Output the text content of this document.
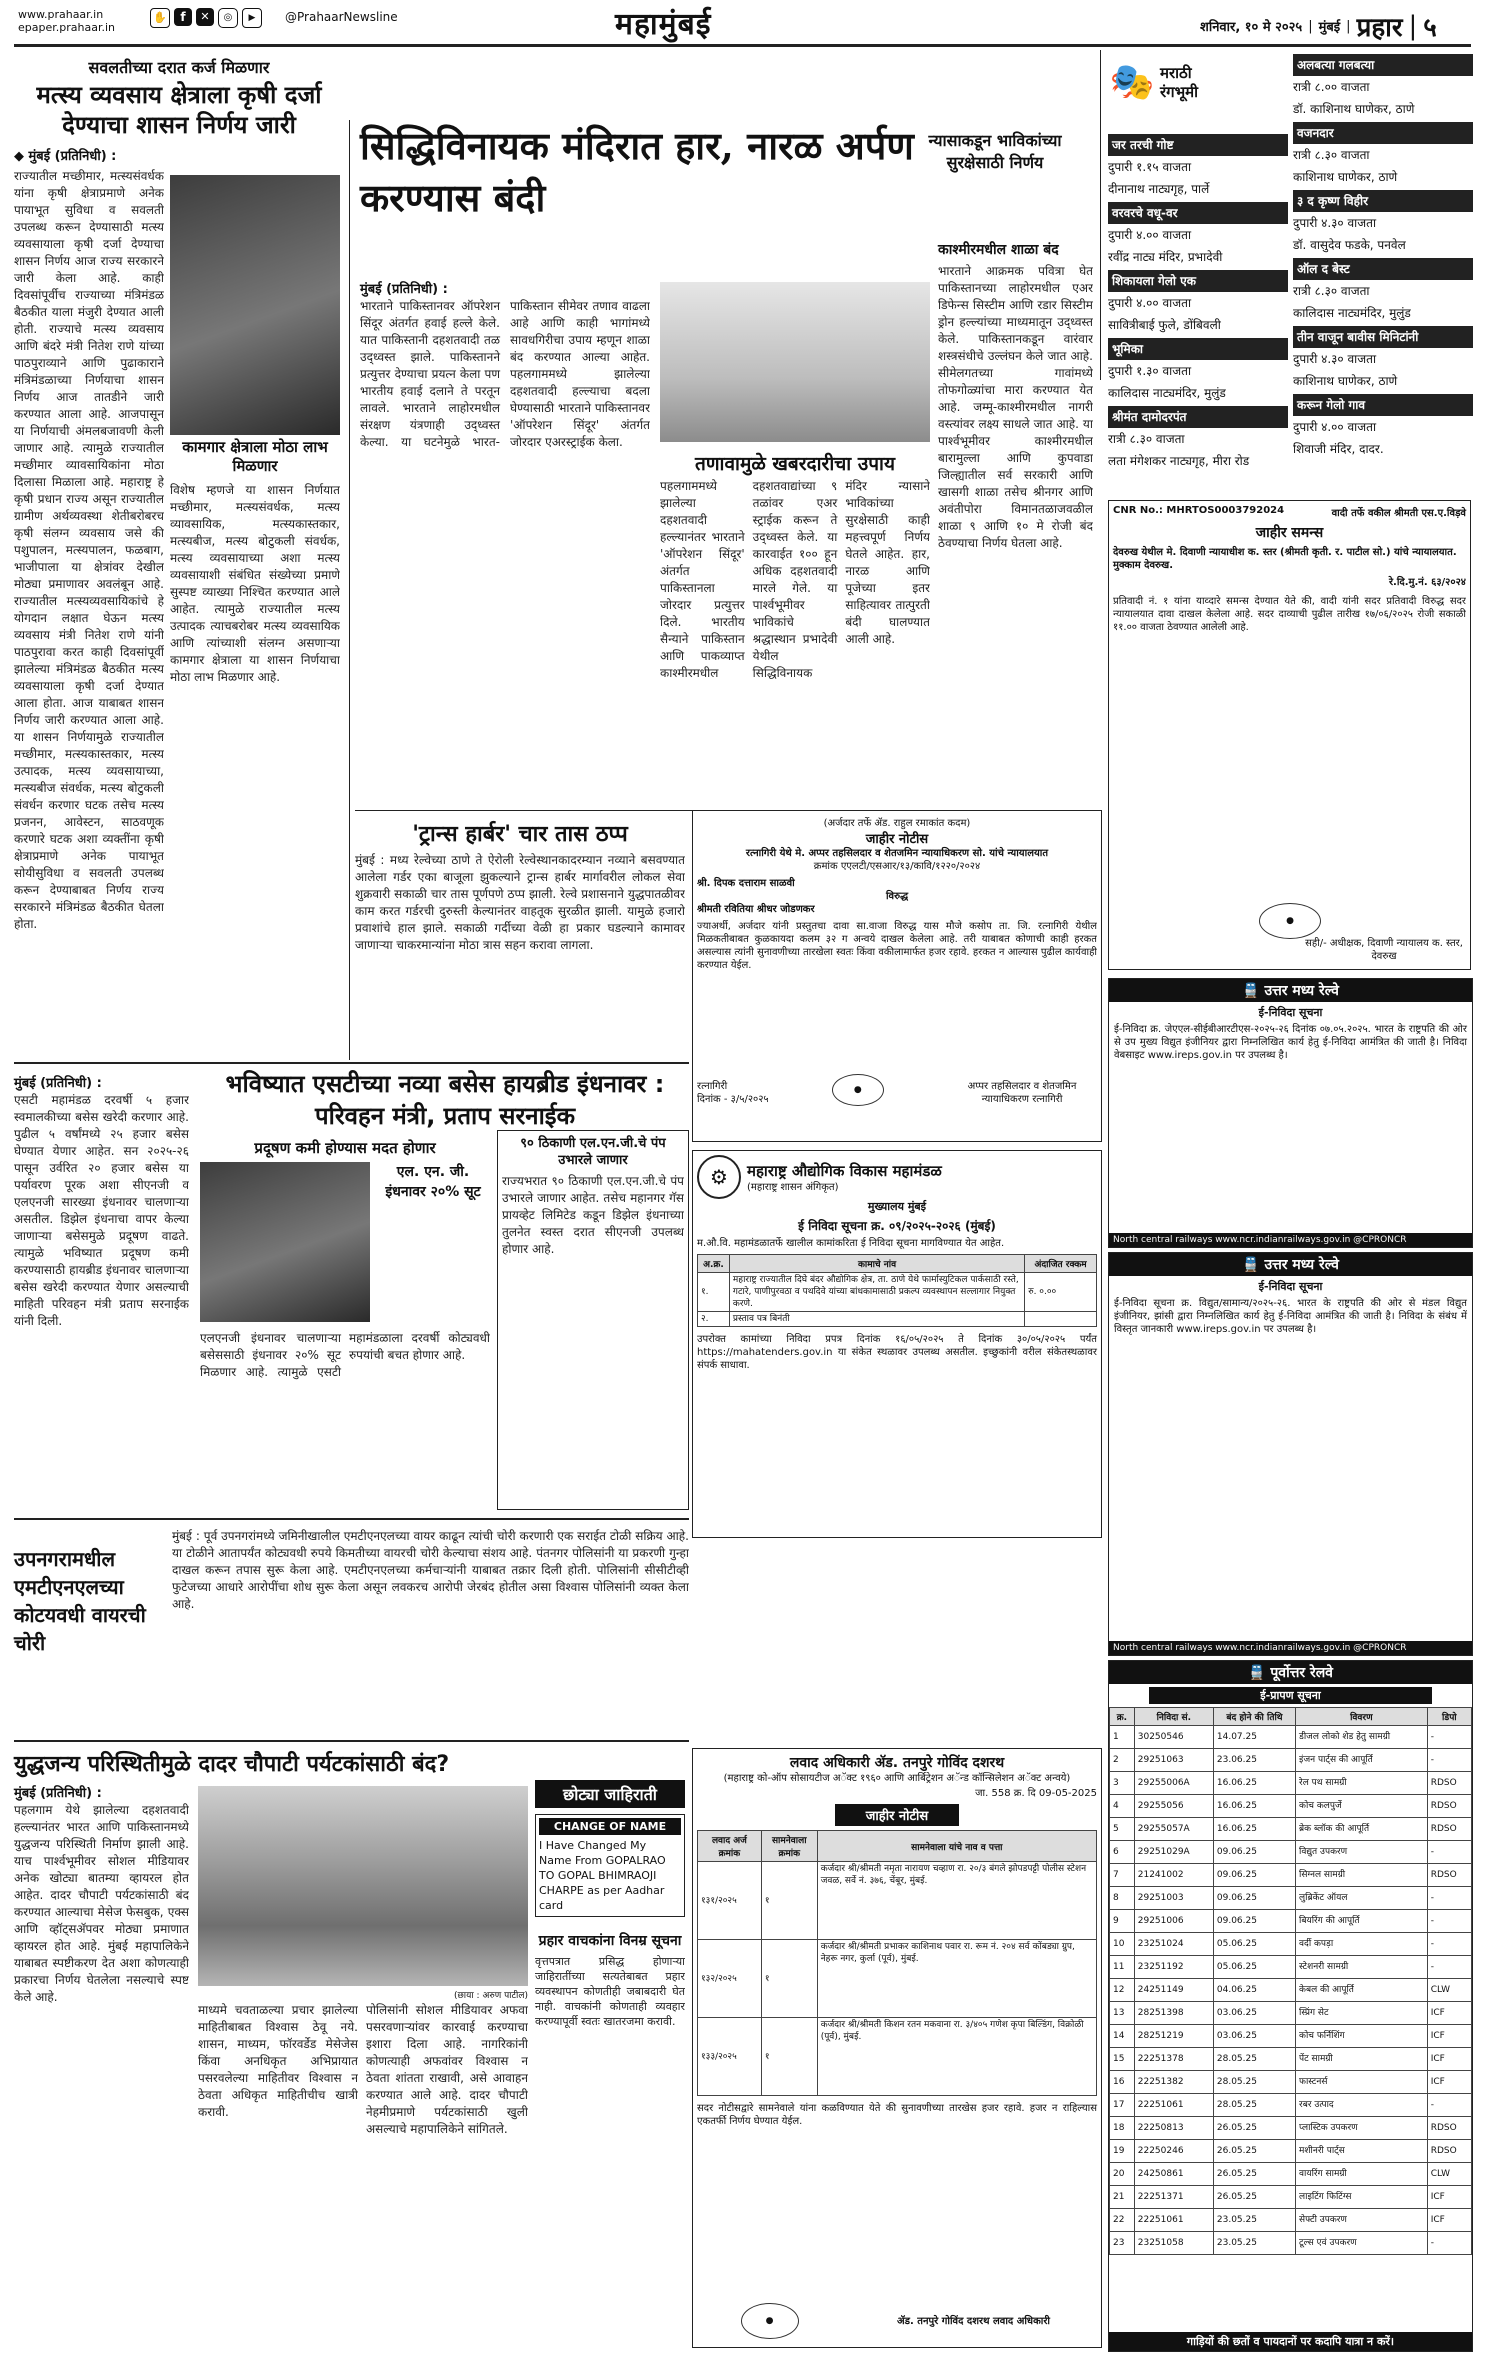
www.prahaar.in
epaper.prahaar.in
✋	f	✕	◎	▶	@PrahaarNewsline	महामुंबई	शनिवार, १० मे २०२५ | मुंबई | प्रहार | ५
सवलतीच्या दरात कर्ज मिळणार
मत्स्य व्यवसाय क्षेत्राला कृषी दर्जा देण्याचा शासन निर्णय जारी
◆ मुंबई (प्रतिनिधी) :
राज्यातील मच्छीमार, मत्स्यसंवर्धक यांना कृषी क्षेत्राप्रमाणे अनेक पायाभूत सुविधा व सवलती उपलब्ध करून देण्यासाठी मत्स्य व्यवसायाला कृषी दर्जा देण्याचा शासन निर्णय आज राज्य सरकारने जारी केला आहे. काही दिवसांपूर्वीच राज्याच्या मंत्रिमंडळ बैठकीत याला मंजुरी देण्यात आली होती. राज्याचे मत्स्य व्यवसाय आणि बंदरे मंत्री नितेश राणे यांच्या पाठपुराव्याने आणि पुढाकाराने मंत्रिमंडळाच्या निर्णयाचा शासन निर्णय आज तातडीने जारी करण्यात आला आहे. आजपासून या निर्णयाची अंमलबजावणी केली जाणार आहे. त्यामुळे राज्यातील मच्छीमार व्यावसायिकांना मोठा दिलासा मिळाला आहे. महाराष्ट्र हे कृषी प्रधान राज्य असून राज्यातील ग्रामीण अर्थव्यवस्था शेतीबरोबरच कृषी संलग्न व्यवसाय जसे की पशुपालन, मत्स्यपालन, फळबाग, भाजीपाला या क्षेत्रांवर देखील मोठ्या प्रमाणावर अवलंबून आहे. राज्यातील मत्स्यव्यवसायिकांचे हे योगदान लक्षात घेऊन मत्स्य व्यवसाय मंत्री नितेश राणे यांनी पाठपुरावा करत काही दिवसांपूर्वी झालेल्या मंत्रिमंडळ बैठकीत मत्स्य व्यवसायाला कृषी दर्जा देण्यात आला होता. आज याबाबत शासन निर्णय जारी करण्यात आला आहे. या शासन निर्णयामुळे राज्यातील मच्छीमार, मत्स्यकास्तकार, मत्स्य उत्पादक, मत्स्य व्यवसायाच्या, मत्स्यबीज संवर्धक, मत्स्य बोटुकली संवर्धन करणार घटक तसेच मत्स्य प्रजनन, आवेस्टन, साठवणूक करणारे घटक अशा व्यक्तींना कृषी क्षेत्राप्रमाणे अनेक पायाभूत सोयीसुविधा व सवलती उपलब्ध करून देण्याबाबत निर्णय राज्य सरकारने मंत्रिमंडळ बैठकीत घेतला होता.
कामगार क्षेत्राला मोठा लाभ मिळणार
विशेष म्हणजे या शासन निर्णयात मच्छीमार, मत्स्यसंवर्धक, मत्स्य व्यावसायिक, मत्स्यकास्तकार, मत्स्यबीज, मत्स्य बोटुकली संवर्धक, मत्स्य व्यवसायाच्या अशा मत्स्य व्यवसायाशी संबंधित संख्येच्या प्रमाणे सुस्पष्ट व्याख्या निश्चित करण्यात आले आहेत. त्यामुळे राज्यातील मत्स्य उत्पादक त्याचबरोबर मत्स्य व्यवसायिक आणि त्यांच्याशी संलग्न असणाऱ्या कामगार क्षेत्राला या शासन निर्णयाचा मोठा लाभ मिळणार आहे.
सिद्धिविनायक मंदिरात हार, नारळ अर्पण करण्यास बंदी
न्यासाकडून भाविकांच्या सुरक्षेसाठी निर्णय
मुंबई (प्रतिनिधी) :
भारताने पाकिस्तानवर ऑपरेशन सिंदूर अंतर्गत हवाई हल्ले केले. यात पाकिस्तानी दहशतवादी तळ उद्ध्वस्त झाले. पाकिस्तानने प्रत्युत्तर देण्याचा प्रयत्न केला पण भारतीय हवाई दलाने ते परतून लावले. भारताने लाहोरमधील संरक्षण यंत्रणाही उद्ध्वस्त केल्या. या घटनेमुळे भारत-पाकिस्तान सीमेवर तणाव वाढला आहे आणि काही भागांमध्ये सावधगिरीचा उपाय म्हणून शाळा बंद करण्यात आल्या आहेत. पहलगाममध्ये झालेल्या दहशतवादी हल्ल्याचा बदला घेण्यासाठी भारताने पाकिस्तानवर 'ऑपरेशन सिंदूर' अंतर्गत जोरदार एअरस्ट्राईक केला.
तणावामुळे खबरदारीचा उपाय
पहलगाममध्ये झालेल्या दहशतवादी हल्ल्यानंतर भारताने 'ऑपरेशन सिंदूर' अंतर्गत पाकिस्तानला जोरदार प्रत्युत्तर दिले. भारतीय सैन्याने पाकिस्तान आणि पाकव्याप्त काश्मीरमधील दहशतवाद्यांच्या ९ तळांवर एअर स्ट्राईक करून ते उद्ध्वस्त केले. या कारवाईत १०० हून अधिक दहशतवादी मारले गेले. या पार्श्वभूमीवर भाविकांचे श्रद्धास्थान प्रभादेवी येथील सिद्धिविनायक मंदिर न्यासाने भाविकांच्या सुरक्षेसाठी काही महत्त्वपूर्ण निर्णय घेतले आहेत. हार, नारळ आणि पूजेच्या इतर साहित्यावर तात्पुरती बंदी घालण्यात आली आहे.
काश्मीरमधील शाळा बंद
भारताने आक्रमक पवित्रा घेत पाकिस्तानच्या लाहोरमधील एअर डिफेन्स सिस्टीम आणि रडार सिस्टीम ड्रोन हल्ल्यांच्या माध्यमातून उद्ध्वस्त केले. पाकिस्तानकडून वारंवार शस्त्रसंधीचे उल्लंघन केले जात आहे. सीमेलगतच्या गावांमध्ये तोफगोळ्यांचा मारा करण्यात येत आहे. जम्मू-काश्मीरमधील नागरी वस्त्यांवर लक्ष्य साधले जात आहे. या पार्श्वभूमीवर काश्मीरमधील बारामुल्ला आणि कुपवाडा जिल्ह्यातील सर्व सरकारी आणि खासगी शाळा तसेच श्रीनगर आणि अवंतीपोरा विमानतळाजवळील शाळा ९ आणि १० मे रोजी बंद ठेवण्याचा निर्णय घेतला आहे.
🎭 मराठी रंगभूमी
जर तरची गोष्ट
दुपारी १.१५ वाजता
दीनानाथ नाट्यगृह, पार्ले
वरवरचे वधू-वर
दुपारी ४.०० वाजता
रवींद्र नाट्य मंदिर, प्रभादेवी
शिकायला गेलो एक
दुपारी ४.०० वाजता
सावित्रीबाई फुले, डोंबिवली
भूमिका
दुपारी १.३० वाजता
कालिदास नाट्यमंदिर, मुलुंड
श्रीमंत दामोदरपंत
रात्री ८.३० वाजता
लता मंगेशकर नाट्यगृह, मीरा रोड
अलबत्या गलबत्या
रात्री ८.०० वाजता
डॉ. काशिनाथ घाणेकर, ठाणे
वजनदार
रात्री ८.३० वाजता
काशिनाथ घाणेकर, ठाणे
३ द कृष्ण विहीर
दुपारी ४.३० वाजता
डॉ. वासुदेव फडके, पनवेल
ऑल द बेस्ट
रात्री ८.३० वाजता
कालिदास नाट्यमंदिर, मुलुंड
तीन वाजून बावीस मिनिटांनी
दुपारी ४.३० वाजता
काशिनाथ घाणेकर, ठाणे
करून गेलो गाव
दुपारी ४.०० वाजता
शिवाजी मंदिर, दादर.
CNR No.: MHRTOS0003792024	वादी तर्फे वकील श्रीमती एस.ए.विड़वे
जाहीर समन्स
देवरुख येथील मे. दिवाणी न्यायाधीश क. स्तर (श्रीमती कृती. र. पाटील सो.) यांचे न्यायालयात. मुक्काम देवरुख.
रे.दि.मु.नं. ६३/२०२४
प्रतिवादी नं. १ यांना याव्दारे समन्स देण्यात येते की, वादी यांनी सदर प्रतिवादी विरुद्ध सदर न्यायालयात दावा दाखल केलेला आहे. सदर दाव्याची पुढील तारीख १७/०६/२०२५ रोजी सकाळी ११.०० वाजता ठेवण्यात आलेली आहे.
●
सही/- अधीक्षक, दिवाणी न्यायालय क. स्तर, देवरुख
'ट्रान्स हार्बर' चार तास ठप्प
मुंबई : मध्य रेल्वेच्या ठाणे ते ऐरोली रेल्वेस्थानकादरम्यान नव्याने बसवण्यात आलेला गर्डर एका बाजूला झुकल्याने ट्रान्स हार्बर मार्गावरील लोकल सेवा शुक्रवारी सकाळी चार तास पूर्णपणे ठप्प झाली. रेल्वे प्रशासनाने युद्धपातळीवर काम करत गर्डरची दुरुस्ती केल्यानंतर वाहतूक सुरळीत झाली. यामुळे हजारो प्रवाशांचे हाल झाले. सकाळी गर्दीच्या वेळी हा प्रकार घडल्याने कामावर जाणाऱ्या चाकरमान्यांना मोठा त्रास सहन करावा लागला.
(अर्जदार तर्फे ॲड. राहुल रमाकांत कदम)
जाहीर नोटीस
रत्नागिरी येथे मे. अप्पर तहसिलदार व शेतजमिन न्यायाधिकरण सो. यांचे न्यायालयात
क्रमांक एएलटी/एसआर/१३/कावि/१२२०/२०२४
श्री. दिपक दत्ताराम साळवी
विरुद्ध
श्रीमती रवितिया श्रीधर जोडणकर
ज्याअर्थी, अर्जदार यांनी प्रस्तुतचा दावा सा.वाजा विरुद्ध यास मौजे कसोप ता. जि. रत्नागिरी येथील मिळकतीबाबत कुळकायदा कलम ३२ ग अन्वये दाखल केलेला आहे. तरी याबाबत कोणाची काही हरकत असल्यास त्यांनी सुनावणीच्या तारखेला स्वतः किंवा वकीलामार्फत हजर रहावे. हरकत न आल्यास पुढील कार्यवाही करण्यात येईल.
रत्नागिरी
दिनांक - ३/५/२०२५
●	अप्पर तहसिलदार व शेतजमिन न्यायाधिकरण रत्नागिरी
🚆 उत्तर मध्य रेल्वे
ई-निविदा सूचना
ई-निविदा क्र. जेएएल-सीईबीआरटीएस-२०२५-२६ दिनांक ०७.०५.२०२५. भारत के राष्ट्रपति की ओर से उप मुख्य विद्युत इंजीनियर द्वारा निम्नलिखित कार्य हेतु ई-निविदा आमंत्रित की जाती है। निविदा वेबसाइट www.ireps.gov.in पर उपलब्ध है।
North central railways www.ncr.indianrailways.gov.in @CPRONCR
🚆 उत्तर मध्य रेल्वे
ई-निविदा सूचना
ई-निविदा सूचना क्र. विद्युत/सामान्य/२०२५-२६. भारत के राष्ट्रपति की ओर से मंडल विद्युत इंजीनियर, झांसी द्वारा निम्नलिखित कार्य हेतु ई-निविदा आमंत्रित की जाती है। निविदा के संबंध में विस्तृत जानकारी www.ireps.gov.in पर उपलब्ध है।
North central railways www.ncr.indianrailways.gov.in @CPRONCR
मुंबई (प्रतिनिधी) :
एसटी महामंडळ दरवर्षी ५ हजार स्वमालकीच्या बसेस खरेदी करणार आहे. पुढील ५ वर्षांमध्ये २५ हजार बसेस घेण्यात येणार आहेत. सन २०२५-२६ पासून उर्वरित २० हजार बसेस या पर्यावरण पूरक अशा सीएनजी व एलएनजी सारख्या इंधनावर चालणाऱ्या असतील. डिझेल इंधनाचा वापर केल्या जाणाऱ्या बसेसमुळे प्रदूषण वाढते. त्यामुळे भविष्यात प्रदूषण कमी करण्यासाठी हायब्रीड इंधनावर चालणाऱ्या बसेस खरेदी करण्यात येणार असल्याची माहिती परिवहन मंत्री प्रताप सरनाईक यांनी दिली.
भविष्यात एसटीच्या नव्या बसेस हायब्रीड इंधनावर : परिवहन मंत्री, प्रताप सरनाईक
प्रदूषण कमी होण्यास मदत होणार
एल. एन. जी. इंधनावर २०% सूट
एलएनजी इंधनावर चालणाऱ्या बसेससाठी इंधनावर २०% सूट मिळणार आहे. त्यामुळे एसटी महामंडळाला दरवर्षी कोट्यवधी रुपयांची बचत होणार आहे.
९० ठिकाणी एल.एन.जी.चे पंप उभारले जाणार
राज्यभरात ९० ठिकाणी एल.एन.जी.चे पंप उभारले जाणार आहेत. तसेच महानगर गॅस प्रायव्हेट लिमिटेड कडून डिझेल इंधनाच्या तुलनेत स्वस्त दरात सीएनजी उपलब्ध होणार आहे.
⚙	महाराष्ट्र औद्योगिक विकास महामंडळ
(महाराष्ट्र शासन अंगिकृत)
मुख्यालय मुंबई
ई निविदा सूचना क्र. ०९/२०२५-२०२६ (मुंबई)
म.औ.वि. महामंडळातर्फे खालील कामांकरिता ई निविदा सूचना मागविण्यात येत आहेत.
अ.क्र.	कामाचे नांव	अंदाजित रक्कम
१.	महाराष्ट्र राज्यातील दिघे बंदर औद्योगिक क्षेत्र, ता. ठाणे येथे फार्मास्युटिकल पार्कसाठी रस्ते, गटारे, पाणीपुरवठा व पथदिवे यांच्या बांधकामासाठी प्रकल्प व्यवस्थापन सल्लागार नियुक्त करणे.	रु. ०.००
२.	प्रस्ताव पत्र बिनंती	
उपरोक्त कामांच्या निविदा प्रपत्र दिनांक १६/०५/२०२५ ते दिनांक ३०/०५/२०२५ पर्यंत https://mahatenders.gov.in या संकेत स्थळावर उपलब्ध असतील. इच्छुकांनी वरील संकेतस्थळावर संपर्क साधावा.
उपनगरामधील एमटीएनएलच्या कोटयवधी वायरची चोरी
मुंबई : पूर्व उपनगरांमध्ये जमिनीखालील एमटीएनएलच्या वायर काढून त्यांची चोरी करणारी एक सराईत टोळी सक्रिय आहे. या टोळीने आतापर्यंत कोट्यवधी रुपये किमतीच्या वायरची चोरी केल्याचा संशय आहे. पंतनगर पोलिसांनी या प्रकरणी गुन्हा दाखल करून तपास सुरू केला आहे. एमटीएनएलच्या कर्मचाऱ्यांनी याबाबत तक्रार दिली होती. पोलिसांनी सीसीटीव्ही फुटेजच्या आधारे आरोपींचा शोध सुरू केला असून लवकरच आरोपी जेरबंद होतील असा विश्वास पोलिसांनी व्यक्त केला आहे.
युद्धजन्य परिस्थितीमुळे दादर चौपाटी पर्यटकांसाठी बंद?
मुंबई (प्रतिनिधी) :
पहलगाम येथे झालेल्या दहशतवादी हल्ल्यानंतर भारत आणि पाकिस्तानमध्ये युद्धजन्य परिस्थिती निर्माण झाली आहे. याच पार्श्वभूमीवर सोशल मीडियावर अनेक खोट्या बातम्या व्हायरल होत आहेत. दादर चौपाटी पर्यटकांसाठी बंद करण्यात आल्याचा मेसेज फेसबुक, एक्स आणि व्हॉट्सॲपवर मोठ्या प्रमाणात व्हायरल होत आहे. मुंबई महापालिकेने याबाबत स्पष्टीकरण देत अशा कोणत्याही प्रकारचा निर्णय घेतलेला नसल्याचे स्पष्ट केले आहे.	(छाया : अरुण पाटील)
माध्यमे चवताळल्या प्रचार झालेल्या माहितीबाबत विश्वास ठेवू नये. शासन, माध्यम, फॉरवर्डेड मेसेजेस किंवा अनधिकृत अभिप्रायात पसरवलेल्या माहितीवर विश्वास न ठेवता अधिकृत माहितीचीच खात्री करावी.
पोलिसांनी सोशल मीडियावर अफवा पसरवणाऱ्यांवर कारवाई करण्याचा इशारा दिला आहे. नागरिकांनी कोणत्याही अफवांवर विश्वास न ठेवता शांतता राखावी, असे आवाहन करण्यात आले आहे. दादर चौपाटी नेहमीप्रमाणे पर्यटकांसाठी खुली असल्याचे महापालिकेने सांगितले.
छोट्या जाहिराती
CHANGE OF NAME
I Have Changed My Name From GOPALRAO TO GOPAL BHIMRAOJI CHARPE as per Aadhar card
प्रहार वाचकांना विनम्र सूचना
वृत्तपत्रात प्रसिद्ध होणाऱ्या जाहिरातींच्या सत्यतेबाबत प्रहार व्यवस्थापन कोणतीही जबाबदारी घेत नाही. वाचकांनी कोणताही व्यवहार करण्यापूर्वी स्वतः खातरजमा करावी.
लवाद अधिकारी ॲड. तनपुरे गोविंद दशरथ
(महाराष्ट्र को-ऑप सोसायटीज अॅक्ट १९६० आणि आर्बिट्रेशन अॅन्ड कॉन्सिलेशन अॅक्ट अन्वये)
जा. 558 क्र. दि 09-05-2025
जाहीर नोटीस
लवाद अर्ज क्रमांक	सामनेवाला क्रमांक	सामनेवाला यांचे नाव व पत्ता
१३१/२०२५	१	कर्जदार श्री/श्रीमती नमृता नारायण चव्हाण रा. २०/३ बंगले झोपडपट्टी पोलीस स्टेशन जवळ, सर्वे नं. ३७६, चेंबूर, मुंबई.
१३२/२०२५	१	कर्जदार श्री/श्रीमती प्रभाकर काशिनाथ पवार रा. रूम नं. २०४ सर्व कोंबड्या ग्रुप, नेहरू नगर, कुर्ला (पूर्व), मुंबई.
१३३/२०२५	१	कर्जदार श्री/श्रीमती किशन रतन मकवाना रा. ३/४०५ गणेश कृपा बिल्डिंग, विक्रोळी (पूर्व), मुंबई.
सदर नोटीसद्वारे सामनेवाले यांना कळविण्यात येते की सुनावणीच्या तारखेस हजर रहावे. हजर न राहिल्यास एकतर्फी निर्णय घेण्यात येईल.
●	ॲड. तनपुरे गोविंद दशरथ लवाद अधिकारी
🚆 पूर्वोत्तर रेलवे
ई-प्रापण सूचना
क्र.	निविदा सं.	बंद होने की तिथि	विवरण	डिपो
1	30250546	14.07.25	डीजल लोको शेड हेतु सामग्री	-
2	29251063	23.06.25	इंजन पार्ट्स की आपूर्ति	-
3	29255006A	16.06.25	रेल पथ सामग्री	RDSO
4	29255056	16.06.25	कोच कलपुर्जे	RDSO
5	29255057A	16.06.25	ब्रेक ब्लॉक की आपूर्ति	RDSO
6	29251029A	09.06.25	विद्युत उपकरण	-
7	21241002	09.06.25	सिग्नल सामग्री	RDSO
8	29251003	09.06.25	लुब्रिकेंट ऑयल	-
9	29251006	09.06.25	बियरिंग की आपूर्ति	-
10	23251024	05.06.25	वर्दी कपड़ा	-
11	23251192	05.06.25	स्टेशनरी सामग्री	-
12	24251149	04.06.25	केबल की आपूर्ति	CLW
13	28251398	03.06.25	स्प्रिंग सेट	ICF
14	28251219	03.06.25	कोच फर्निशिंग	ICF
15	22251378	28.05.25	पेंट सामग्री	ICF
16	22251382	28.05.25	फास्टनर्स	ICF
17	22251061	28.05.25	रबर उत्पाद	-
18	22250813	26.05.25	प्लास्टिक उपकरण	RDSO
19	22250246	26.05.25	मशीनरी पार्ट्स	RDSO
20	24250861	26.05.25	वायरिंग सामग्री	CLW
21	22251371	26.05.25	लाइटिंग फिटिंग्स	ICF
22	22251061	23.05.25	सेफ्टी उपकरण	ICF
23	23251058	23.05.25	टूल्स एवं उपकरण	-
गाड़ियों की छतों व पायदानों पर कदापि यात्रा न करें।
